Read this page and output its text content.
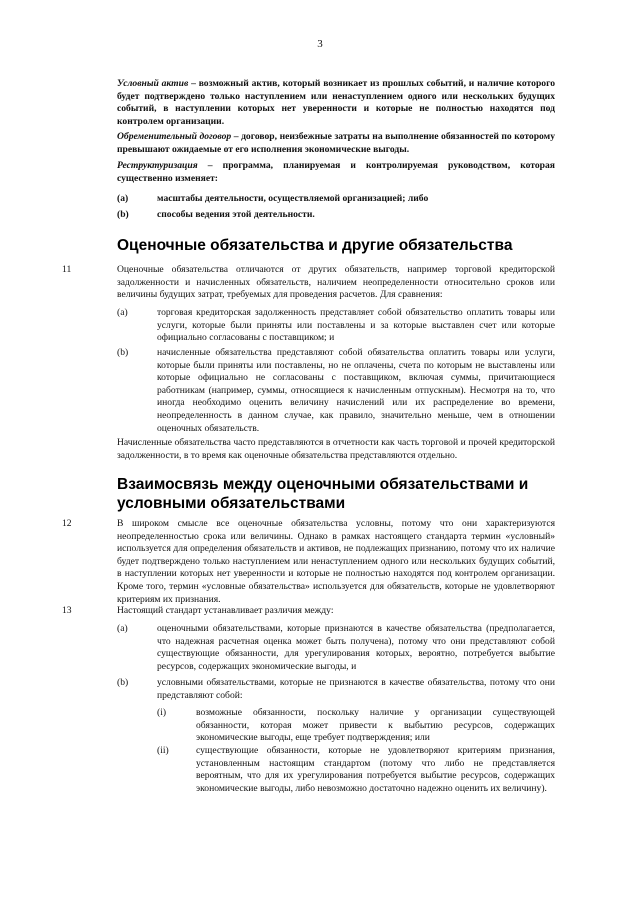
3
Условный актив – возможный актив, который возникает из прошлых событий, и наличие которого будет подтверждено только наступлением или ненаступлением одного или нескольких будущих событий, в наступлении которых нет уверенности и которые не полностью находятся под контролем организации.
Обременительный договор – договор, неизбежные затраты на выполнение обязанностей по которому превышают ожидаемые от его исполнения экономические выгоды.
Реструктуризация – программа, планируемая и контролируемая руководством, которая существенно изменяет:
(a)	масштабы деятельности, осуществляемой организацией; либо
(b)	способы ведения этой деятельности.
Оценочные обязательства и другие обязательства
11	Оценочные обязательства отличаются от других обязательств, например торговой кредиторской задолженности и начисленных обязательств, наличием неопределенности относительно сроков или величины будущих затрат, требуемых для проведения расчетов. Для сравнения:
(a)	торговая кредиторская задолженность представляет собой обязательство оплатить товары или услуги, которые были приняты или поставлены и за которые выставлен счет или которые официально согласованы с поставщиком; и
(b)	начисленные обязательства представляют собой обязательства оплатить товары или услуги, которые были приняты или поставлены, но не оплачены, счета по которым не выставлены или которые официально не согласованы с поставщиком, включая суммы, причитающиеся работникам (например, суммы, относящиеся к начисленным отпускным). Несмотря на то, что иногда необходимо оценить величину начислений или их распределение во времени, неопределенность в данном случае, как правило, значительно меньше, чем в отношении оценочных обязательств.
Начисленные обязательства часто представляются в отчетности как часть торговой и прочей кредиторской задолженности, в то время как оценочные обязательства представляются отдельно.
Взаимосвязь между оценочными обязательствами и условными обязательствами
12	В широком смысле все оценочные обязательства условны, потому что они характеризуются неопределенностью срока или величины. Однако в рамках настоящего стандарта термин «условный» используется для определения обязательств и активов, не подлежащих признанию, потому что их наличие будет подтверждено только наступлением или ненаступлением одного или нескольких будущих событий, в наступлении которых нет уверенности и которые не полностью находятся под контролем организации. Кроме того, термин «условные обязательства» используется для обязательств, которые не удовлетворяют критериям их признания.
13	Настоящий стандарт устанавливает различия между:
(a)	оценочными обязательствами, которые признаются в качестве обязательства (предполагается, что надежная расчетная оценка может быть получена), потому что они представляют собой существующие обязанности, для урегулирования которых, вероятно, потребуется выбытие ресурсов, содержащих экономические выгоды, и
(b)	условными обязательствами, которые не признаются в качестве обязательства, потому что они представляют собой:
(i)	возможные обязанности, поскольку наличие у организации существующей обязанности, которая может привести к выбытию ресурсов, содержащих экономические выгоды, еще требует подтверждения; или
(ii)	существующие обязанности, которые не удовлетворяют критериям признания, установленным настоящим стандартом (потому что либо не представляется вероятным, что для их урегулирования потребуется выбытие ресурсов, содержащих экономические выгоды, либо невозможно достаточно надежно оценить их величину).
